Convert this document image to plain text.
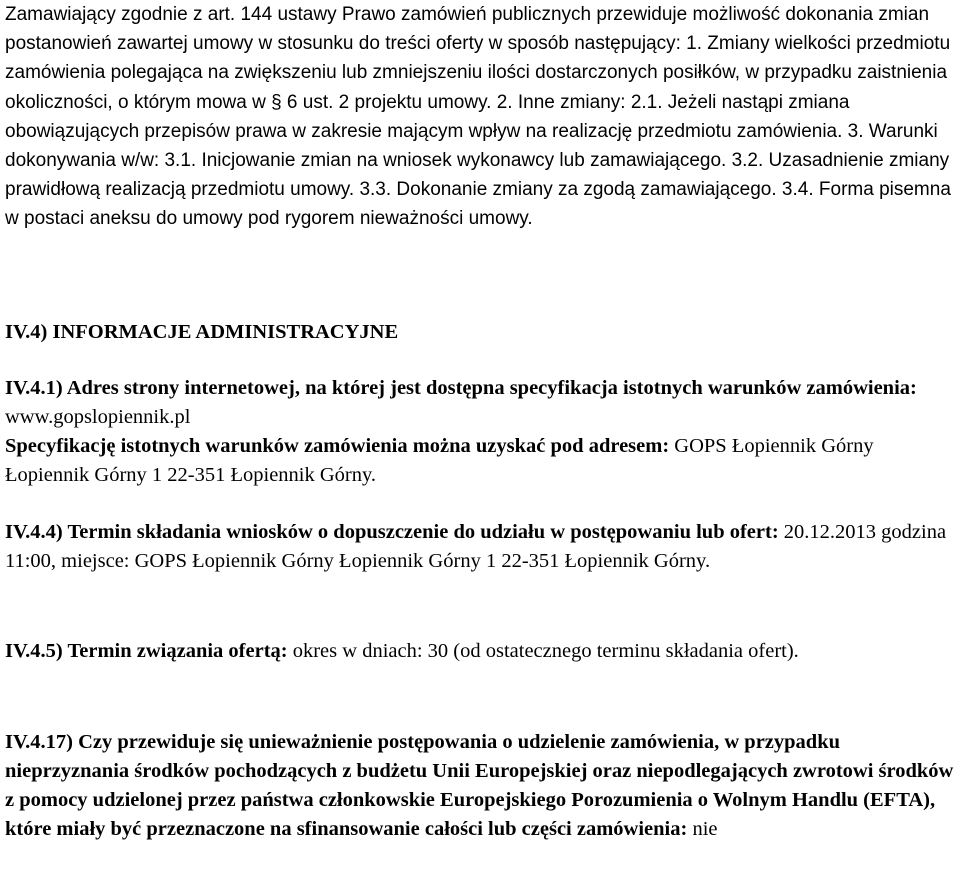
Zamawiający zgodnie z art. 144 ustawy Prawo zamówień publicznych przewiduje możliwość dokonania zmian postanowień zawartej umowy w stosunku do treści oferty w sposób następujący: 1. Zmiany wielkości przedmiotu zamówienia polegająca na zwiększeniu lub zmniejszeniu ilości dostarczonych posiłków, w przypadku zaistnienia okoliczności, o którym mowa w § 6 ust. 2 projektu umowy. 2. Inne zmiany: 2.1. Jeżeli nastąpi zmiana obowiązujących przepisów prawa w zakresie mającym wpływ na realizację przedmiotu zamówienia. 3. Warunki dokonywania w/w: 3.1. Inicjowanie zmian na wniosek wykonawcy lub zamawiającego. 3.2. Uzasadnienie zmiany prawidłową realizacją przedmiotu umowy. 3.3. Dokonanie zmiany za zgodą zamawiającego. 3.4. Forma pisemna w postaci aneksu do umowy pod rygorem nieważności umowy.

IV.4) INFORMACJE ADMINISTRACYJNE

IV.4.1) Adres strony internetowej, na której jest dostępna specyfikacja istotnych warunków zamówienia: www.gopslopiennik.pl

Specyfikację istotnych warunków zamówienia można uzyskać pod adresem: GOPS Łopiennik Górny Łopiennik Górny 1 22-351 Łopiennik Górny.

IV.4.4) Termin składania wniosków o dopuszczenie do udziału w postępowaniu lub ofert: 20.12.2013 godzina 11:00, miejsce: GOPS Łopiennik Górny Łopiennik Górny 1 22-351 Łopiennik Górny.

IV.4.5) Termin związania ofertą: okres w dniach: 30 (od ostatecznego terminu składania ofert).

IV.4.17) Czy przewiduje się unieważnienie postępowania o udzielenie zamówienia, w przypadku nieprzyznania środków pochodzących z budżetu Unii Europejskiej oraz niepodlegających zwrotowi środków z pomocy udzielonej przez państwa członkowskie Europejskiego Porozumienia o Wolnym Handlu (EFTA), które miały być przeznaczone na sfinansowanie całości lub części zamówienia: nie
